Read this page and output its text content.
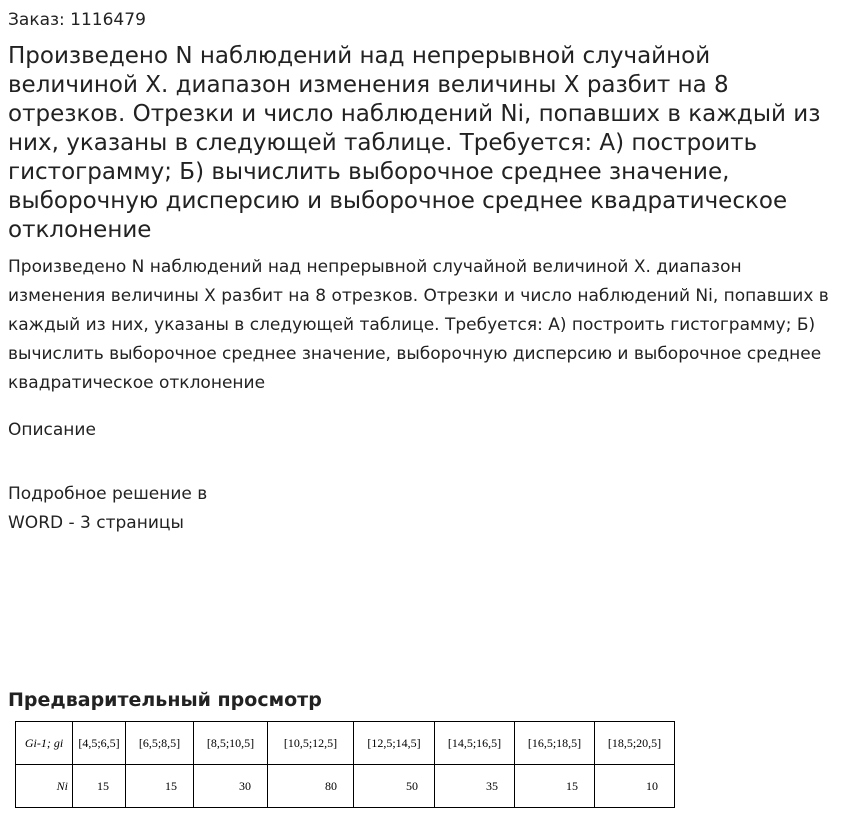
Заказ: 1116479
Произведено N наблюдений над непрерывной случайной величиной X. диапазон изменения величины X разбит на 8 отрезков. Отрезки и число наблюдений Ni, попавших в каждый из них, указаны в следующей таблице. Требуется: А) построить гистограмму; Б) вычислить выборочное среднее значение, выборочную дисперсию и выборочное среднее квадратическое отклонение
Произведено N наблюдений над непрерывной случайной величиной X. диапазон изменения величины X разбит на 8 отрезков. Отрезки и число наблюдений Ni, попавших в каждый из них, указаны в следующей таблице. Требуется: А) построить гистограмму; Б) вычислить выборочное среднее значение, выборочную дисперсию и выборочное среднее квадратическое отклонение
Описание
Подробное решение в
WORD - 3 страницы
Предварительный просмотр
Gi-1; gi	[4,5;6,5]	[6,5;8,5]	[8,5;10,5]	[10,5;12,5]	[12,5;14,5]	[14,5;16,5]	[16,5;18,5]	[18,5;20,5]
Ni	15	15	30	80	50	35	15	10
